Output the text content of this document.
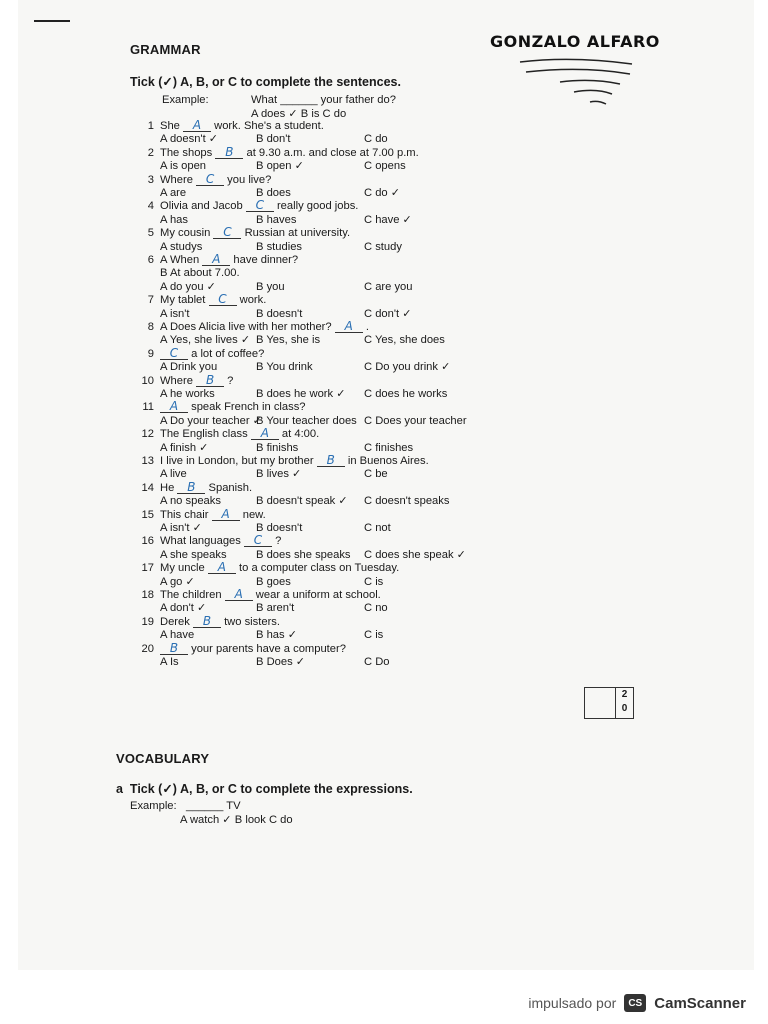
GONZALO ALFARO
GRAMMAR
Tick (✓) A, B, or C to complete the sentences.
Example:	What ______ your father do?
A does ✓ B is C do
1 She A work. She's a student.
A doesn't ✓	B don't	C do
2 The shops B at 9.30 a.m. and close at 7.00 p.m.
A is open	B open ✓	C opens
3 Where C you live?
A are	B does	C do ✓
4 Olivia and Jacob C really good jobs.
A has	B haves	C have ✓
5 My cousin C Russian at university.
A studys	B studies	C study
6 A When A have dinner?
B At about 7.00.
A do you ✓	B you	C are you
7 My tablet C work.
A isn't	B doesn't	C don't ✓
8 A Does Alicia live with her mother? A .
A Yes, she lives ✓ B Yes, she is	C Yes, she does
9 C a lot of coffee?
A Drink you	B You drink	C Do you drink ✓
10 Where B ?
A he works	B does he work ✓ C does he works
11 A speak French in class?
A Do your teacher ✓B Your teacher does C Does your teacher
12 The English class A at 4:00.
A finish ✓	B finishs	C finishes
13 I live in London, but my brother B in Buenos Aires.
A live	B lives ✓	C be
14 He B Spanish.
A no speaks	B doesn't speak ✓ C doesn't speaks
15 This chair A new.
A isn't ✓	B doesn't	C not
16 What languages C ?
A she speaks	B does she speaks C does she speak ✓
17 My uncle A to a computer class on Tuesday.
A go ✓	B goes	C is
18 The children A wear a uniform at school.
A don't ✓	B aren't	C no
19 Derek B two sisters.
A have	B has ✓	C is
20 B your parents have a computer?
A Is	B Does ✓	C Do
2
0
VOCABULARY
a Tick (✓) A, B, or C to complete the expressions.
Example: ______ TV
A watch ✓ B look C do
impulsado por	CS CamScanner
